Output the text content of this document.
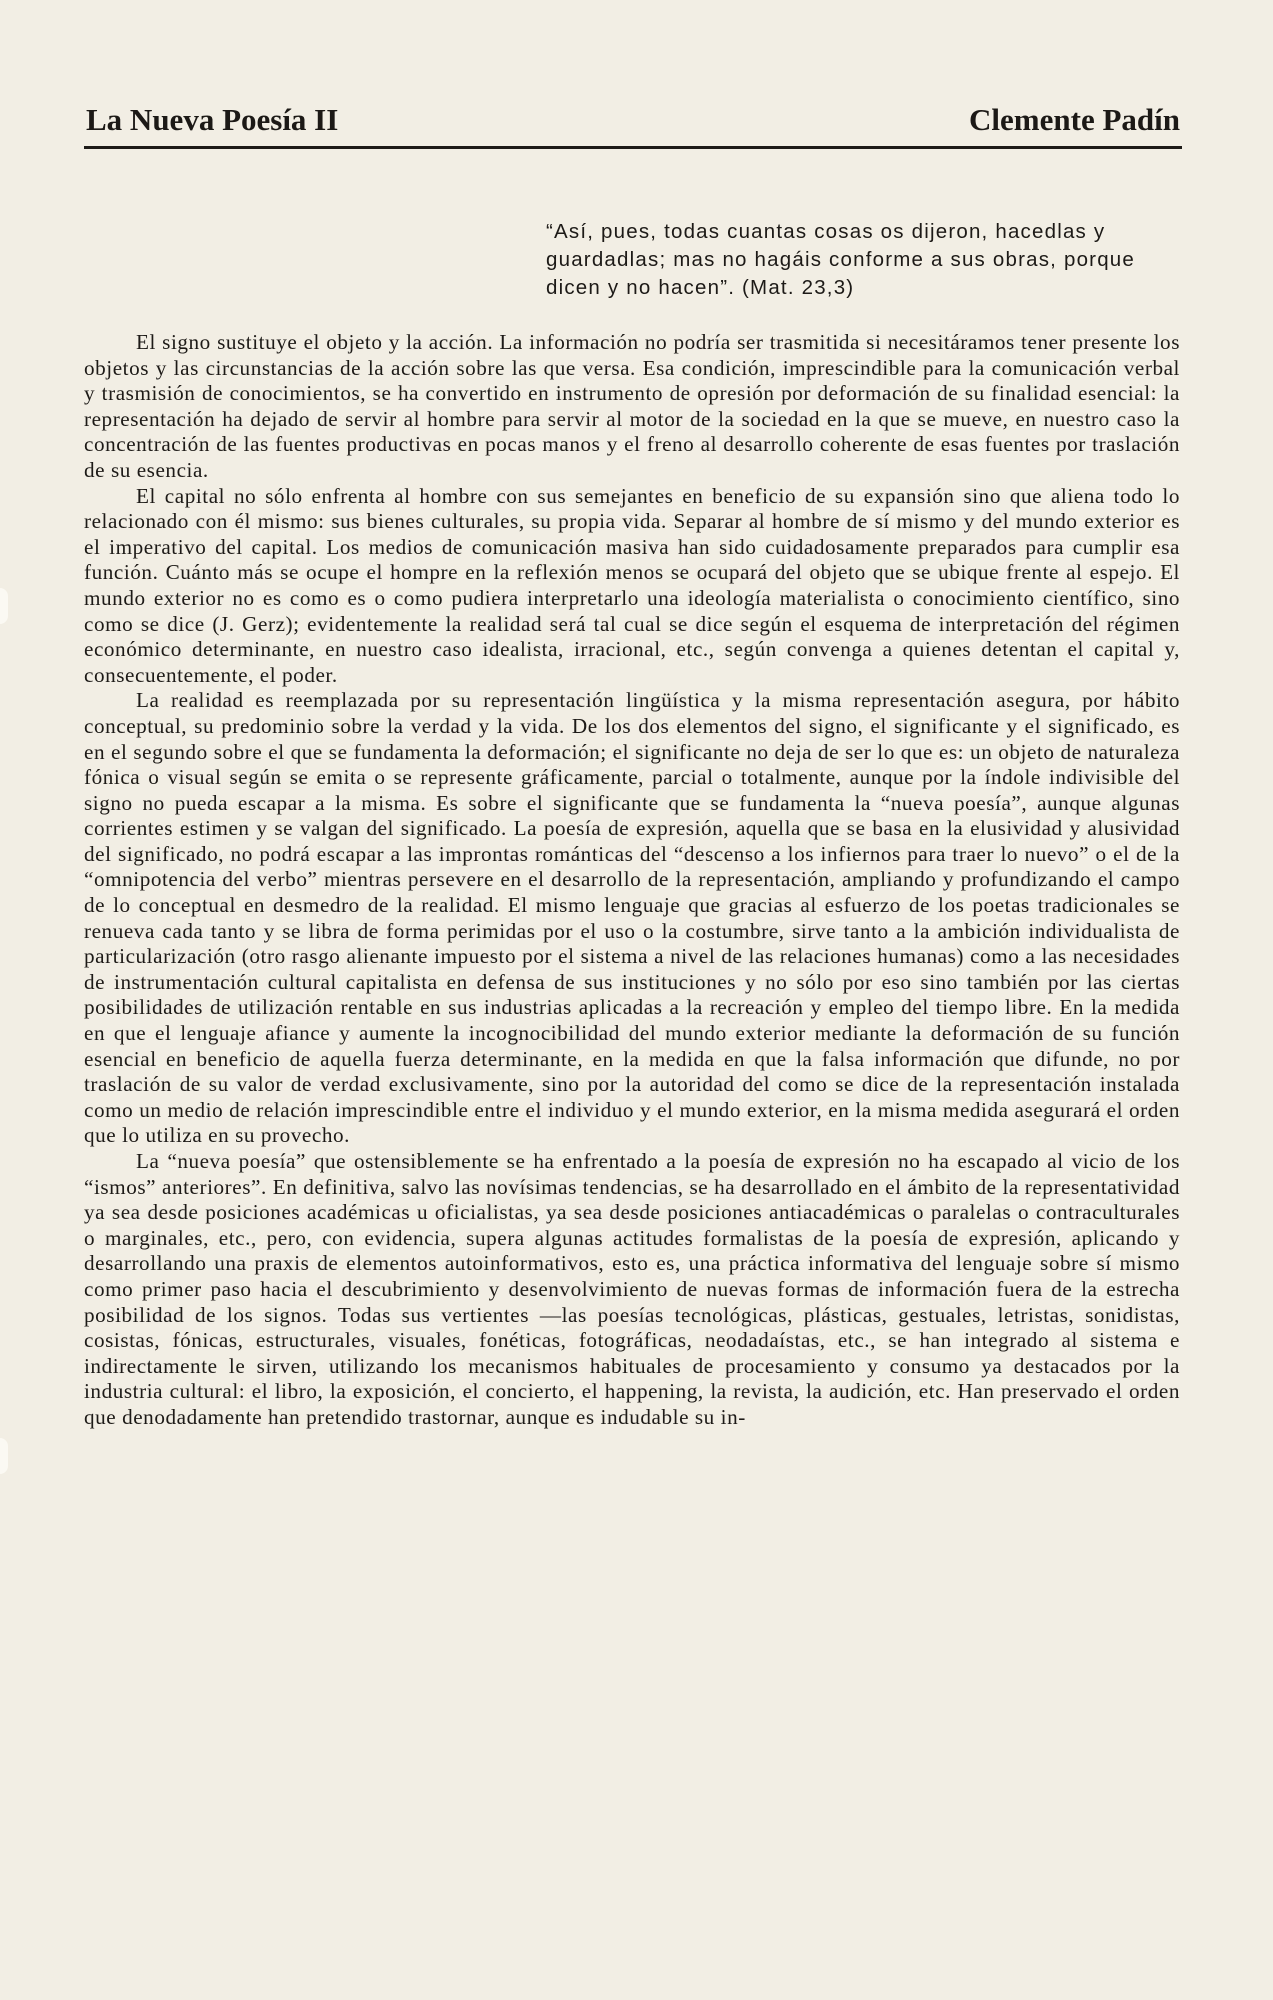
La Nueva Poesía II	Clemente Padín
“Así, pues, todas cuantas cosas os dijeron, hacedlas y guardadlas; mas no hagáis conforme a sus obras, porque dicen y no hacen”. (Mat. 23,3)

El signo sustituye el objeto y la acción. La información no podría ser trasmitida si necesitáramos tener presente los objetos y las circunstancias de la acción sobre las que versa. Esa condición, imprescindible para la comunicación verbal y trasmisión de conocimientos, se ha convertido en instrumento de opresión por deformación de su finalidad esencial: la representación ha dejado de servir al hombre para servir al motor de la sociedad en la que se mueve, en nuestro caso la concentración de las fuentes productivas en pocas manos y el freno al desarrollo coherente de esas fuentes por traslación de su esencia.

El capital no sólo enfrenta al hombre con sus semejantes en beneficio de su expansión sino que aliena todo lo relacionado con él mismo: sus bienes culturales, su propia vida. Separar al hombre de sí mismo y del mundo exterior es el imperativo del capital. Los medios de comunicación masiva han sido cuidadosamente preparados para cumplir esa función. Cuánto más se ocupe el hompre en la reflexión menos se ocupará del objeto que se ubique frente al espejo. El mundo exterior no es como es o como pudiera interpretarlo una ideología materialista o conocimiento científico, sino como se dice (J. Gerz); evidentemente la realidad será tal cual se dice según el esquema de interpretación del régimen económico determinante, en nuestro caso idealista, irracional, etc., según convenga a quienes detentan el capital y, consecuentemente, el poder.

La realidad es reemplazada por su representación lingüística y la misma representación asegura, por hábito conceptual, su predominio sobre la verdad y la vida. De los dos elementos del signo, el significante y el significado, es en el segundo sobre el que se fundamenta la deformación; el significante no deja de ser lo que es: un objeto de naturaleza fónica o visual según se emita o se represente gráficamente, parcial o totalmente, aunque por la índole indivisible del signo no pueda escapar a la misma. Es sobre el significante que se fundamenta la “nueva poesía”, aunque algunas corrientes estimen y se valgan del significado. La poesía de expresión, aquella que se basa en la elusividad y alusividad del significado, no podrá escapar a las improntas románticas del “descenso a los infiernos para traer lo nuevo” o el de la “omnipotencia del verbo” mientras persevere en el desarrollo de la representación, ampliando y profundizando el campo de lo conceptual en desmedro de la realidad. El mismo lenguaje que gracias al esfuerzo de los poetas tradicionales se renueva cada tanto y se libra de forma perimidas por el uso o la costumbre, sirve tanto a la ambición individualista de particularización (otro rasgo alienante impuesto por el sistema a nivel de las relaciones humanas) como a las necesidades de instrumentación cultural capitalista en defensa de sus instituciones y no sólo por eso sino también por las ciertas posibilidades de utilización rentable en sus industrias aplicadas a la recreación y empleo del tiempo libre. En la medida en que el lenguaje afiance y aumente la incognocibilidad del mundo exterior mediante la deformación de su función esencial en beneficio de aquella fuerza determinante, en la medida en que la falsa información que difunde, no por traslación de su valor de verdad exclusivamente, sino por la autoridad del como se dice de la representación instalada como un medio de relación imprescindible entre el individuo y el mundo exterior, en la misma medida asegurará el orden que lo utiliza en su provecho.

La “nueva poesía” que ostensiblemente se ha enfrentado a la poesía de expresión no ha escapado al vicio de los “ismos” anteriores”. En definitiva, salvo las novísimas tendencias, se ha desarrollado en el ámbito de la representatividad ya sea desde posiciones académicas u oficialistas, ya sea desde posiciones antiacadémicas o paralelas o contraculturales o marginales, etc., pero, con evidencia, supera algunas actitudes formalistas de la poesía de expresión, aplicando y desarrollando una praxis de elementos autoinformativos, esto es, una práctica informativa del lenguaje sobre sí mismo como primer paso hacia el descubrimiento y desenvolvimiento de nuevas formas de información fuera de la estrecha posibilidad de los signos. Todas sus vertientes —las poesías tecnológicas, plásticas, gestuales, letristas, sonidistas, cosistas, fónicas, estructurales, visuales, fonéticas, fotográficas, neodadaístas, etc., se han integrado al sistema e indirectamente le sirven, utilizando los mecanismos habituales de procesamiento y consumo ya destacados por la industria cultural: el libro, la exposición, el concierto, el happening, la revista, la audición, etc. Han preservado el orden que denodadamente han pretendido trastornar, aunque es indudable su in-
